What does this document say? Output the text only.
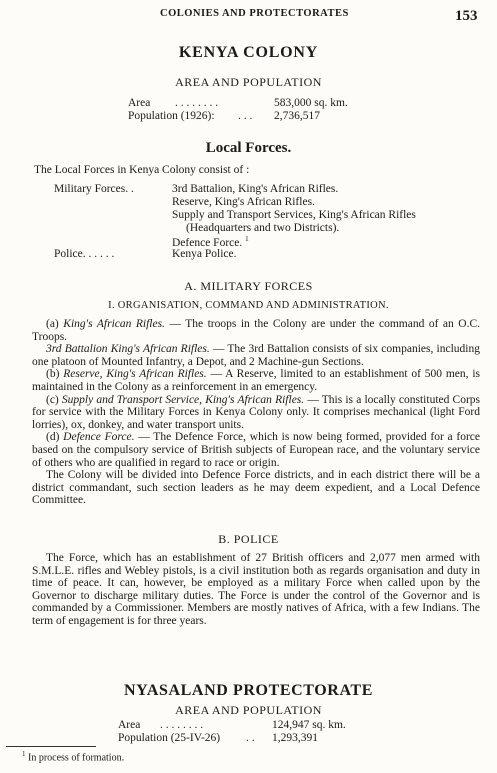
COLONIES AND PROTECTORATES	153
KENYA COLONY
AREA AND POPULATION
Area . . . . . . . .	583,000 sq. km.
Population (1926): . . . 2,736,517
Local Forces.
The Local Forces in Kenya Colony consist of :
Military Forces. .	3rd Battalion, King's African Rifles.
Reserve, King's African Rifles.
Supply and Transport Services, King's African Rifles
(Headquarters and two Districts).
Defence Force. $^1$
Police. . . . . .	Kenya Police.
A. MILITARY FORCES
I. ORGANISATION, COMMAND AND ADMINISTRATION.

(a) King's African Rifles. — The troops in the Colony are under the command of an O.C. Troops.

3rd Battalion King's African Rifles. — The 3rd Battalion consists of six companies, including one platoon of Mounted Infantry, a Depot, and 2 Machine-gun Sections.

(b) Reserve, King's African Rifles. — A Reserve, limited to an establishment of 500 men, is maintained in the Colony as a reinforcement in an emergency.

(c) Supply and Transport Service, King's African Rifles. — This is a locally constituted Corps for service with the Military Forces in Kenya Colony only. It comprises mechanical (light Ford lorries), ox, donkey, and water transport units.

(d) Defence Force. — The Defence Force, which is now being formed, provided for a force based on the compulsory service of British subjects of European race, and the voluntary service of others who are qualified in regard to race or origin.

The Colony will be divided into Defence Force districts, and in each district there will be a district commandant, such section leaders as he may deem expedient, and a Local Defence Committee.

B. POLICE

The Force, which has an establishment of 27 British officers and 2,077 men armed with S.M.L.E. rifles and Webley pistols, is a civil institution both as regards organisation and duty in time of peace. It can, however, be employed as a military Force when called upon by the Governor to discharge military duties. The Force is under the control of the Governor and is commanded by a Commissioner. Members are mostly natives of Africa, with a few Indians. The term of engagement is for three years.

NYASALAND PROTECTORATE
AREA AND POPULATION
Area . . . . . . . .	124,947 sq. km.
Population (25-IV-26) . . 1,293,391
$^1$ In process of formation.
